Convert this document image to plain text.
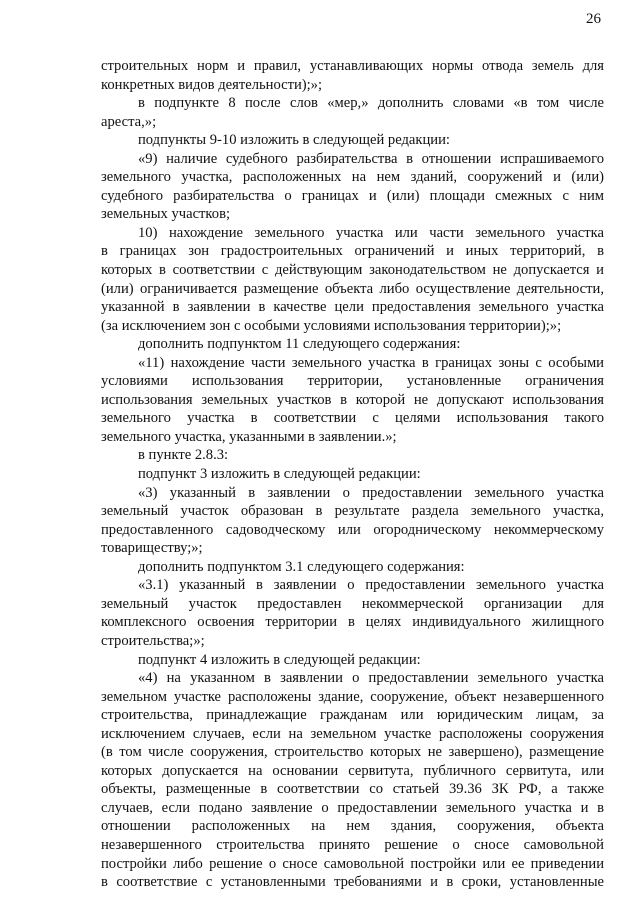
26
строительных норм и правил, устанавливающих нормы отвода земель для
конкретных видов деятельности);»;
в подпункте 8 после слов «мер,» дополнить словами «в том числе
ареста,»;
подпункты 9-10 изложить в следующей редакции:
«9) наличие судебного разбирательства в отношении испрашиваемого
земельного участка, расположенных на нем зданий, сооружений и (или)
судебного разбирательства о границах и (или) площади смежных с ним
земельных участков;
10) нахождение земельного участка или части земельного участка
в границах зон градостроительных ограничений и иных территорий, в
которых в соответствии с действующим законодательством не допускается и
(или) ограничивается размещение объекта либо осуществление деятельности,
указанной в заявлении в качестве цели предоставления земельного участка
(за исключением зон с особыми условиями использования территории);»;
дополнить подпунктом 11 следующего содержания:
«11) нахождение части земельного участка в границах зоны с особыми
условиями использования территории, установленные ограничения
использования земельных участков в которой не допускают использования
земельного участка в соответствии с целями использования такого
земельного участка, указанными в заявлении.»;
в пункте 2.8.3:
подпункт 3 изложить в следующей редакции:
«3) указанный в заявлении о предоставлении земельного участка
земельный участок образован в результате раздела земельного участка,
предоставленного садоводческому или огородническому некоммерческому
товариществу;»;
дополнить подпунктом 3.1 следующего содержания:
«3.1) указанный в заявлении о предоставлении земельного участка
земельный участок предоставлен некоммерческой организации для
комплексного освоения территории в целях индивидуального жилищного
строительства;»;
подпункт 4 изложить в следующей редакции:
«4) на указанном в заявлении о предоставлении земельного участка
земельном участке расположены здание, сооружение, объект незавершенного
строительства, принадлежащие гражданам или юридическим лицам, за
исключением случаев, если на земельном участке расположены сооружения
(в том числе сооружения, строительство которых не завершено), размещение
которых допускается на основании сервитута, публичного сервитута, или
объекты, размещенные в соответствии со статьей 39.36 ЗК РФ, а также
случаев, если подано заявление о предоставлении земельного участка и в
отношении расположенных на нем здания, сооружения, объекта
незавершенного строительства принято решение о сносе самовольной
постройки либо решение о сносе самовольной постройки или ее приведении
в соответствие с установленными требованиями и в сроки, установленные
